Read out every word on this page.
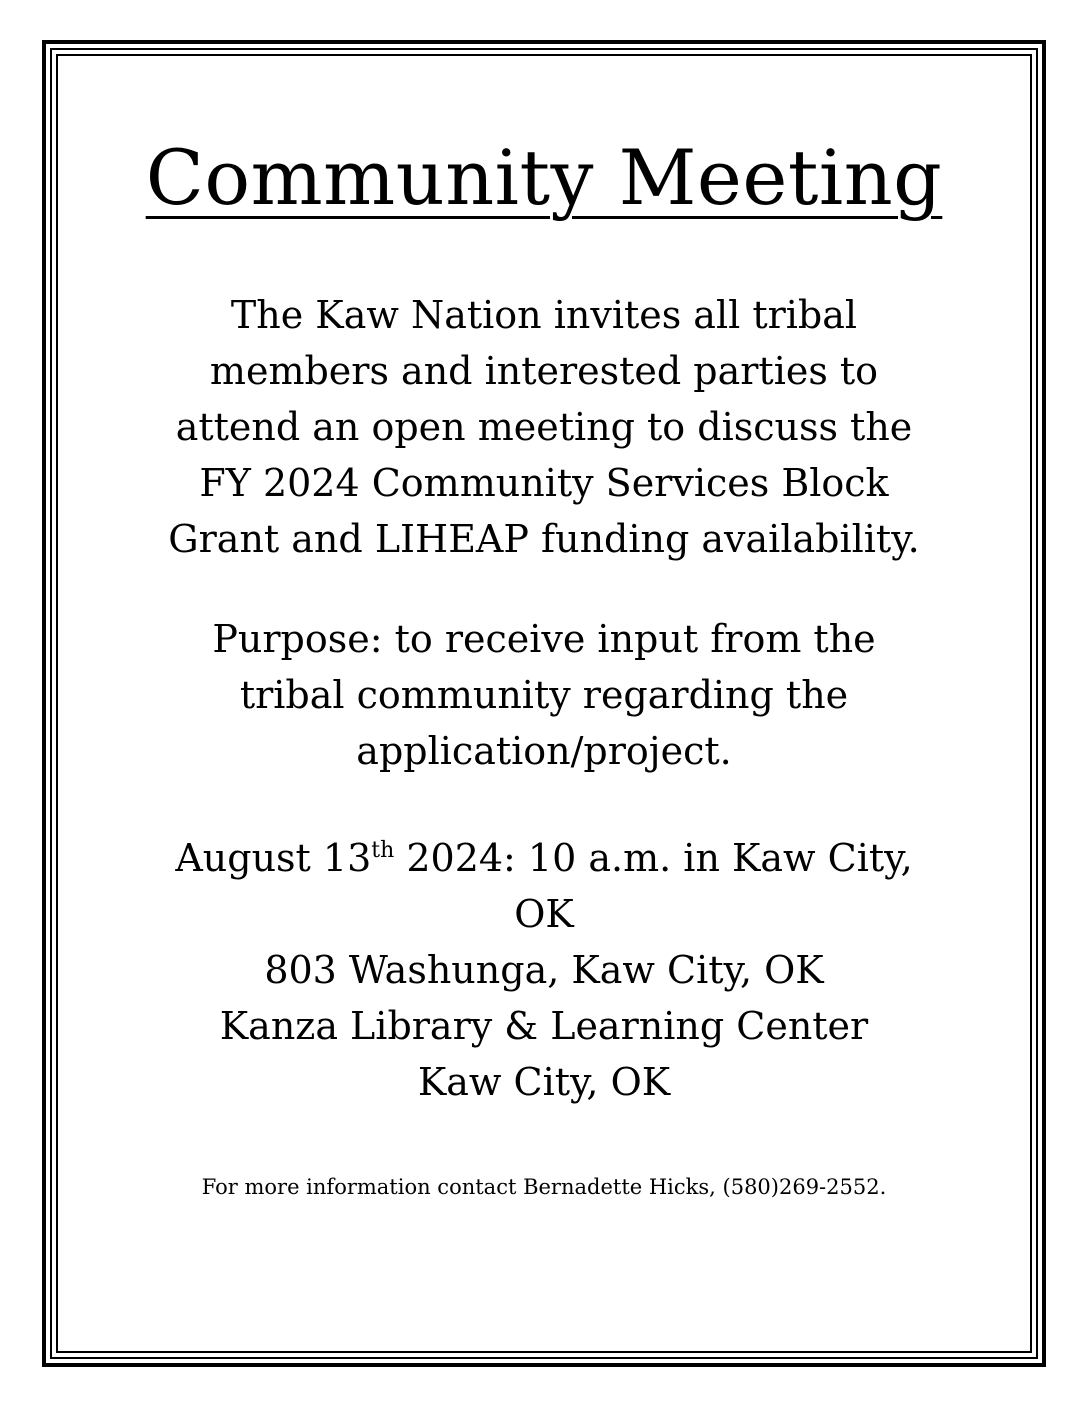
Community Meeting

The Kaw Nation invites all tribal
members and interested parties to
attend an open meeting to discuss the
FY 2024 Community Services Block
Grant and LIHEAP funding availability.

Purpose: to receive input from the
tribal community regarding the
application/project.

August 13th 2024: 10 a.m. in Kaw City,
OK
803 Washunga, Kaw City, OK
Kanza Library & Learning Center
Kaw City, OK

For more information contact Bernadette Hicks, (580)269-2552.
